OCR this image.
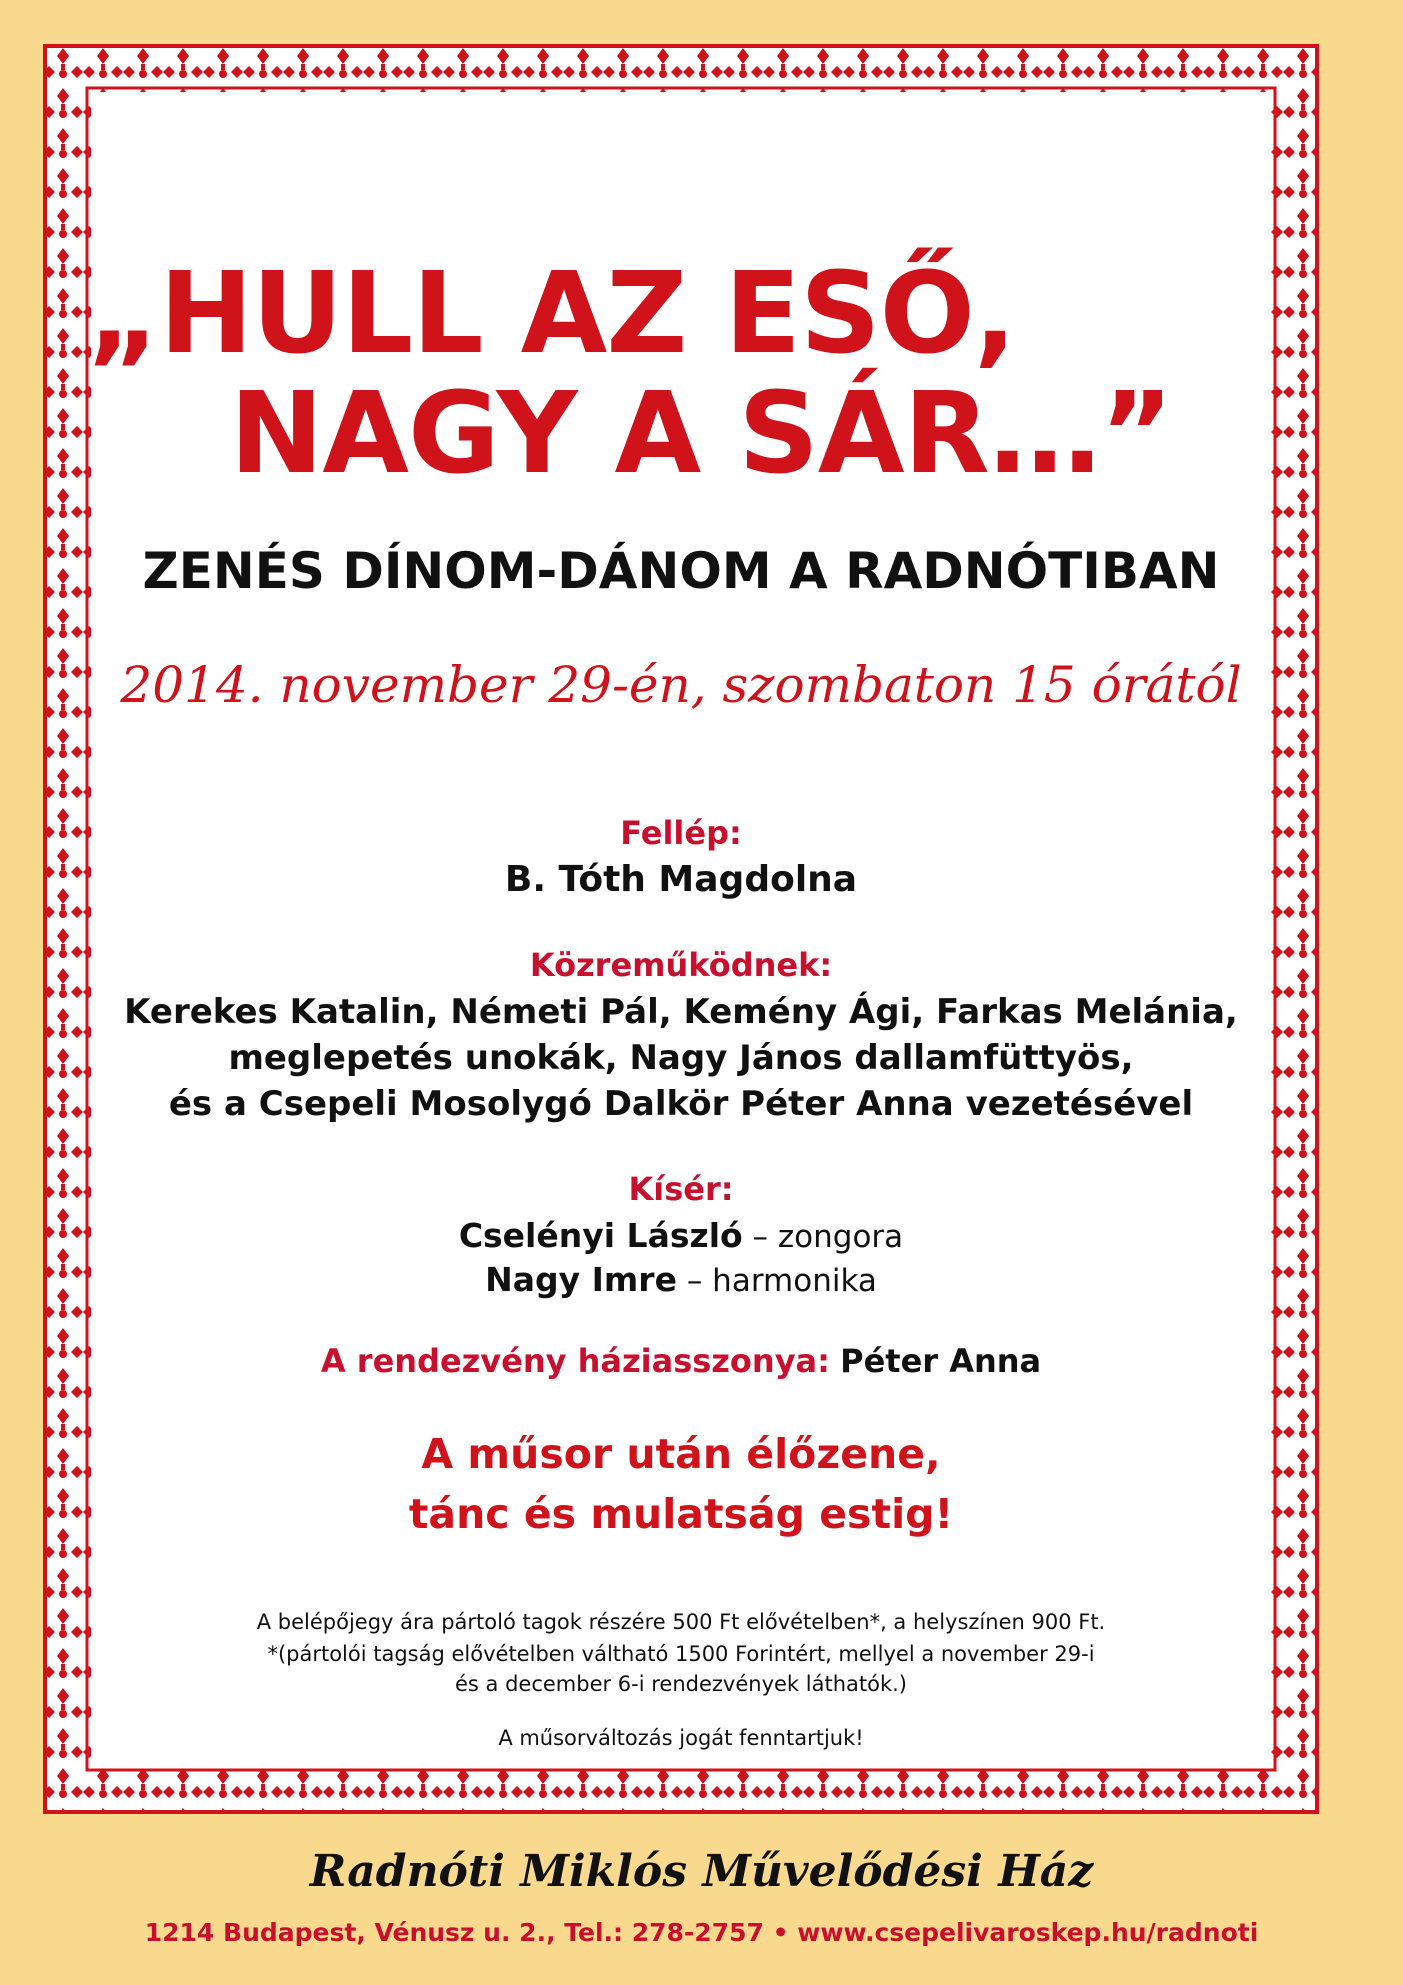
„HULL AZ ESŐ,
NAGY A SÁR…”
ZENÉS DÍNOM-DÁNOM A RADNÓTIBAN
2014. november 29-én, szombaton 15 órától
Fellép:
B. Tóth Magdolna
Közreműködnek:
Kerekes Katalin, Németi Pál, Kemény Ági, Farkas Melánia,
meglepetés unokák, Nagy János dallamfüttyös,
és a Csepeli Mosolygó Dalkör Péter Anna vezetésével
Kísér:
Cselényi László – zongora
Nagy Imre – harmonika
A rendezvény háziasszonya: Péter Anna
A műsor után élőzene,
tánc és mulatság estig!
A belépőjegy ára pártoló tagok részére 500 Ft elővételben*, a helyszínen 900 Ft.
*(pártolói tagság elővételben váltható 1500 Forintért, mellyel a november 29-i
és a december 6-i rendezvények láthatók.)
A műsorváltozás jogát fenntartjuk!
Radnóti Miklós Művelődési Ház
1214 Budapest, Vénusz u. 2., Tel.: 278-2757 • www.csepelivaroskep.hu/radnoti
